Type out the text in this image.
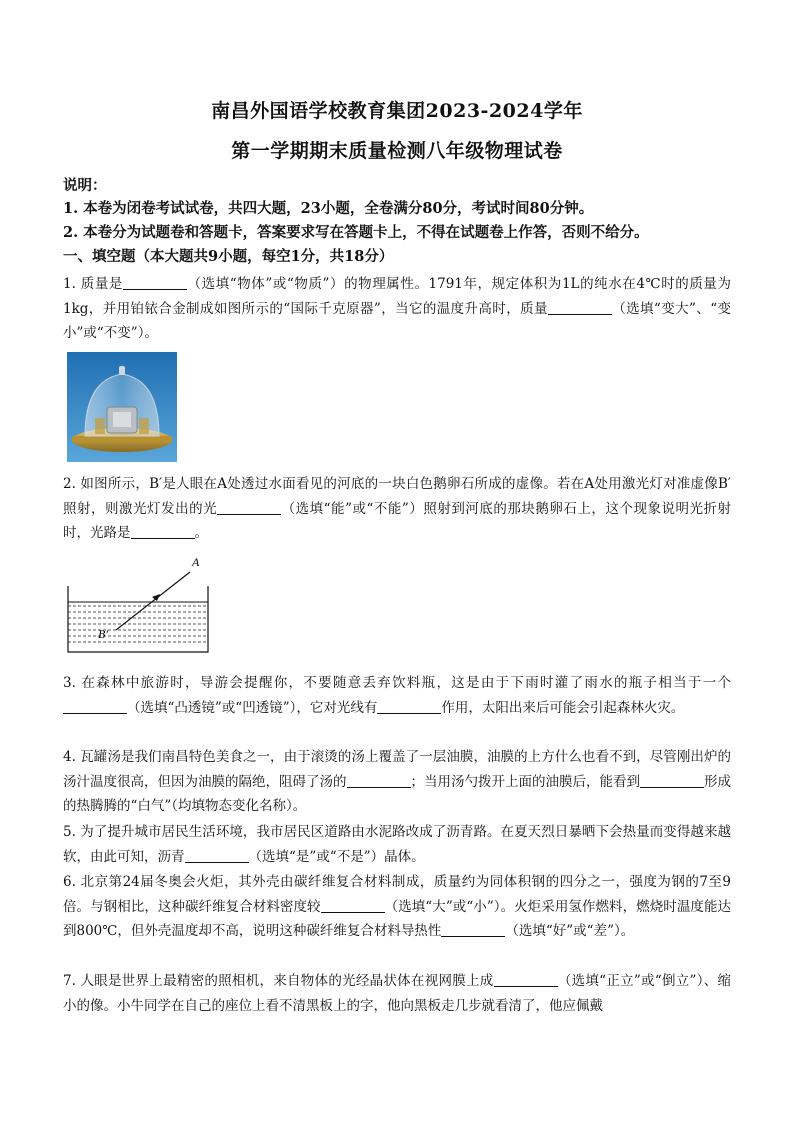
南昌外国语学校教育集团2023-2024学年
第一学期期末质量检测八年级物理试卷
说明：
1. 本卷为闭卷考试试卷，共四大题，23小题，全卷满分80分，考试时间80分钟。
2. 本卷分为试题卷和答题卡，答案要求写在答题卡上，不得在试题卷上作答，否则不给分。
一、填空题（本大题共9小题，每空1分，共18分）
1. 质量是	（选填“物体”或“物质”）的物理属性。1791年，规定体积为1L的纯水在4℃时的质量为1kg，并用铂铱合金制成如图所示的“国际千克原器”，当它的温度升高时，质量	（选填“变大”、“变小”或“不变”）。
2. 如图所示，B′是人眼在A处透过水面看见的河底的一块白色鹅卵石所成的虚像。若在A处用激光灯对准虚像B′照射，则激光灯发出的光	（选填“能”或“不能”）照射到河底的那块鹅卵石上，这个现象说明光折射时，光路是	。
A
B′
3. 在森林中旅游时，导游会提醒你，不要随意丢弃饮料瓶，这是由于下雨时灌了雨水的瓶子相当于一个（选填“凸透镜”或“凹透镜”），它对光线有	作用，太阳出来后可能会引起森林火灾。
4. 瓦罐汤是我们南昌特色美食之一，由于滚烫的汤上覆盖了一层油膜，油膜的上方什么也看不到，尽管刚出炉的汤汁温度很高，但因为油膜的隔绝，阻碍了汤的	；当用汤勺拨开上面的油膜后，能看到	形成的热腾腾的“白气”（均填物态变化名称）。
5. 为了提升城市居民生活环境，我市居民区道路由水泥路改成了沥青路。在夏天烈日暴晒下会热量而变得越来越软，由此可知，沥青	（选填“是”或“不是”）晶体。
6. 北京第24届冬奥会火炬，其外壳由碳纤维复合材料制成，质量约为同体积钢的四分之一，强度为钢的7至9倍。与钢相比，这种碳纤维复合材料密度较	（选填“大”或“小”）。火炬采用氢作燃料，燃烧时温度能达到800℃，但外壳温度却不高，说明这种碳纤维复合材料导热性	（选填“好”或“差”）。
7. 人眼是世界上最精密的照相机，来自物体的光经晶状体在视网膜上成	（选填“正立”或“倒立”）、缩小的像。小牛同学在自己的座位上看不清黑板上的字，他向黑板走几步就看清了，他应佩戴
